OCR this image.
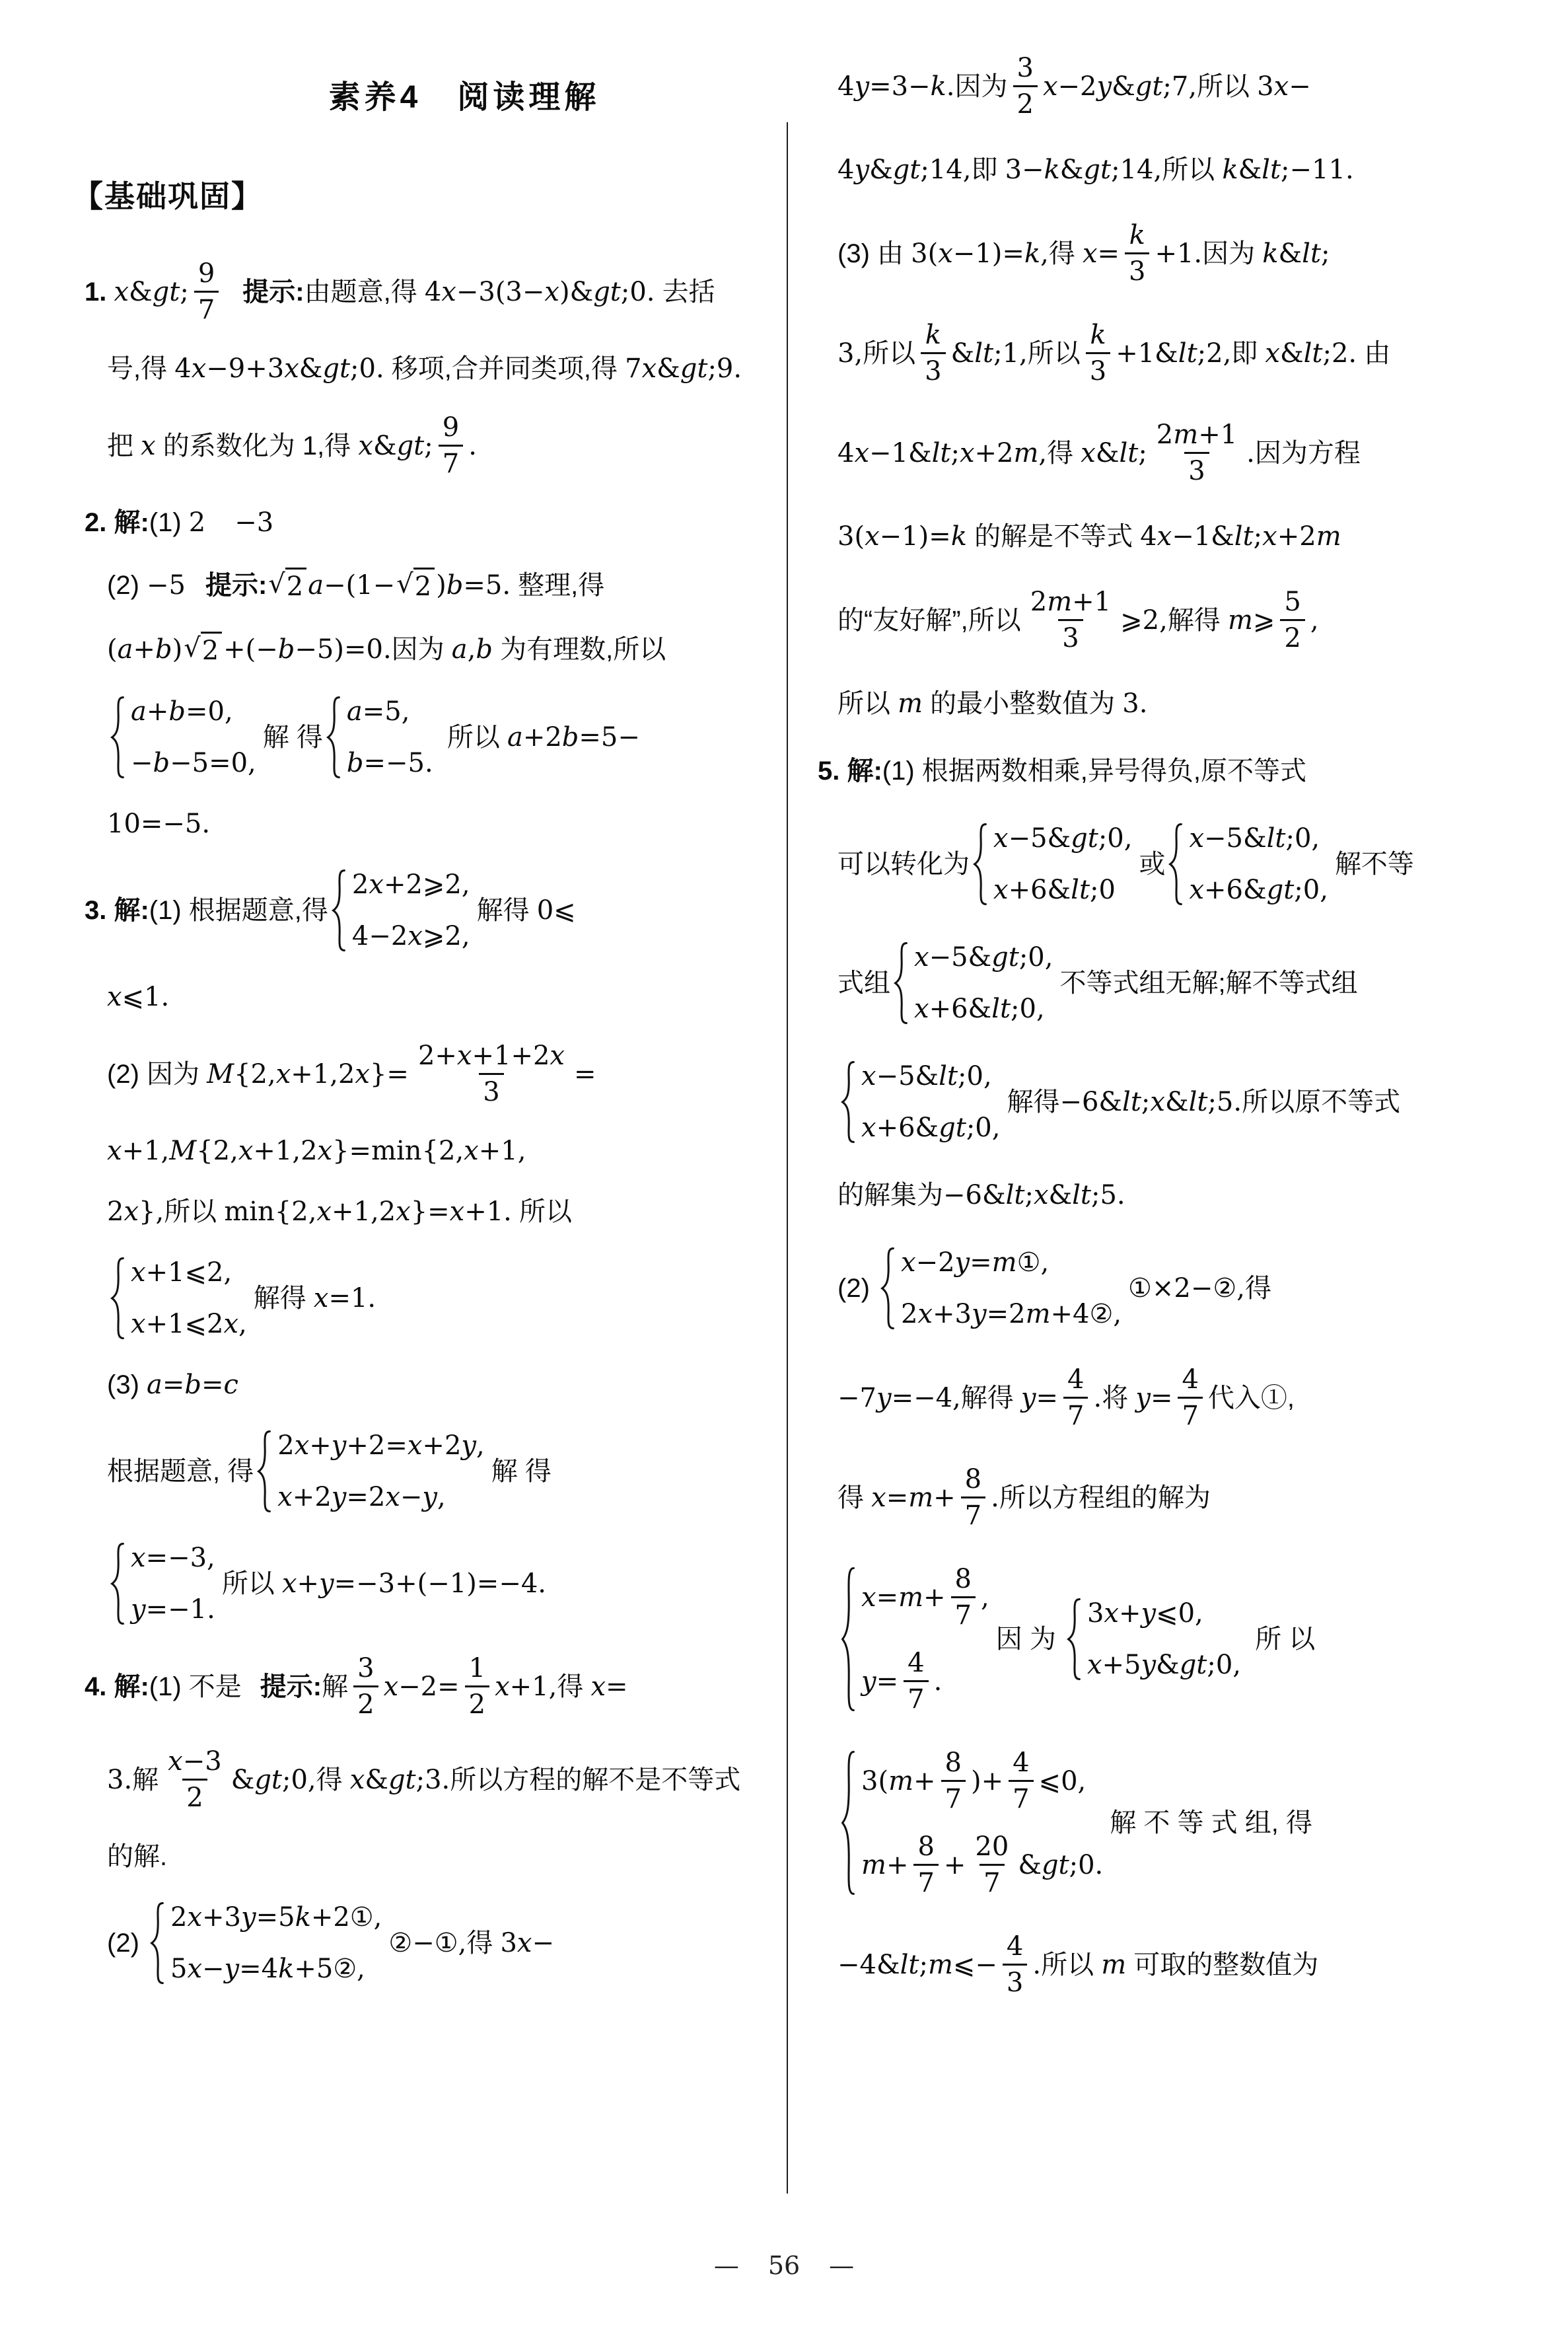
素养4　阅读理解
【基础巩固】
1. x&gt; $\frac{9}{7}$ 提示: 由题意,得 4x−3(3−x)&gt;0. 去括
号,得 4x−9+3x&gt;0. 移项,合并同类项,得 7x&gt;9.
把 x 的系数化为 1,得 x&gt; $\frac{9}{7}$ .
2. 解: (1) 2 −3
(2) −5 提示: √ 2 a−(1− √ 2 )b=5. 整理,得
(a+b) √ 2 +(−b−5)=0. 因为 a,b 为有理数,所以
a+b=0,
−b−5=0,
解 得
a=5,
b=−5.
所以 a+2b=5−
10=−5.
3. 解: (1) 根据题意,得
2x+2⩾2,
4−2x⩾2,
解得 0⩽
x⩽1.
(2) 因为 $M\{2,x+1,2x\}= \frac{2+x+1+2x}{3}$ =
x+1,M{2,x+1,2x}=min{2,x+1,
2x}, 所以 min{2,x+1,2x}=x+1. 所以
x+1⩽2,
x+1⩽2x,
解得 x=1.
(3) a=b=c
根据题意, 得
2x+y+2=x+2y,
x+2y=2x−y,
解 得
x=−3,
y=−1.
所以 x+y=−3+(−1)=−4.
4. 解: (1) 不是 提示: 解 $\frac{3}{2} x-2= \frac{1}{2} x+1$, 得 x=
3. 解 $\frac{x-3}{2}$ &gt;0, 得 x&gt;3. 所以方程的解不是不等式
的解.
(2)
2x+3y=5k+2①,
5x−y=4k+5②,
②−①, 得 3x−
4y=3−k. 因为 $\frac{3}{2}$ x−2y&gt;7, 所以 3x−
4y&gt;14, 即 3−k&gt;14, 所以 k&lt;−11.
(3) 由 3(x−1)=k, 得 $x= \frac{k}{3} +1$. 因为 k&lt;
3, 所以 $\frac{k}{3}$ &lt;1, 所以 $\frac{k}{3}$ +1&lt;2, 即 x&lt;2. 由
4x−1&lt;x+2m, 得 x&lt; $\frac{2m+1}{3}$ . 因为方程
3(x−1)=k 的解是不等式 4x−1&lt;x+2m
的“友好解”,所以 $\frac{2m+1}{3}$ ⩾2, 解得 m⩾ $\frac{5}{2}$ ,
所以 m 的最小整数值为 3.
5. 解: (1) 根据两数相乘,异号得负,原不等式
可以转化为
x−5&gt;0,
x+6&lt;0
或
x−5&lt;0,
x+6&gt;0,
解不等
式组
x−5&gt;0,
x+6&lt;0,
不等式组无解;解不等式组
x−5&lt;0,
x+6&gt;0,
解得 −6&lt;x&lt;5. 所以原不等式
的解集为 −6&lt;x&lt;5.
(2)
x−2y=m①,
2x+3y=2m+4②,
①×2−②, 得
−7y=−4, 解得 $y= \frac{4}{7}$ . 将 $y= \frac{4}{7}$ 代入①,
得 $x=m+ \frac{8}{7}$ . 所以方程组的解为
$x=m+ \frac{8}{7}$ ,
$y= \frac{4}{7}$ .
因 为
3x+y⩽0,
x+5y&gt;0,
所 以
$3(m+ \frac{8}{7}$ )+ $\frac{4}{7}$ ⩽0,
$m+ \frac{8}{7} + \frac{20}{7}$ &gt;0.
解 不 等 式 组, 得
−4&lt;m⩽− $\frac{4}{3}$ . 所以 m 可取的整数值为
— 56 —
